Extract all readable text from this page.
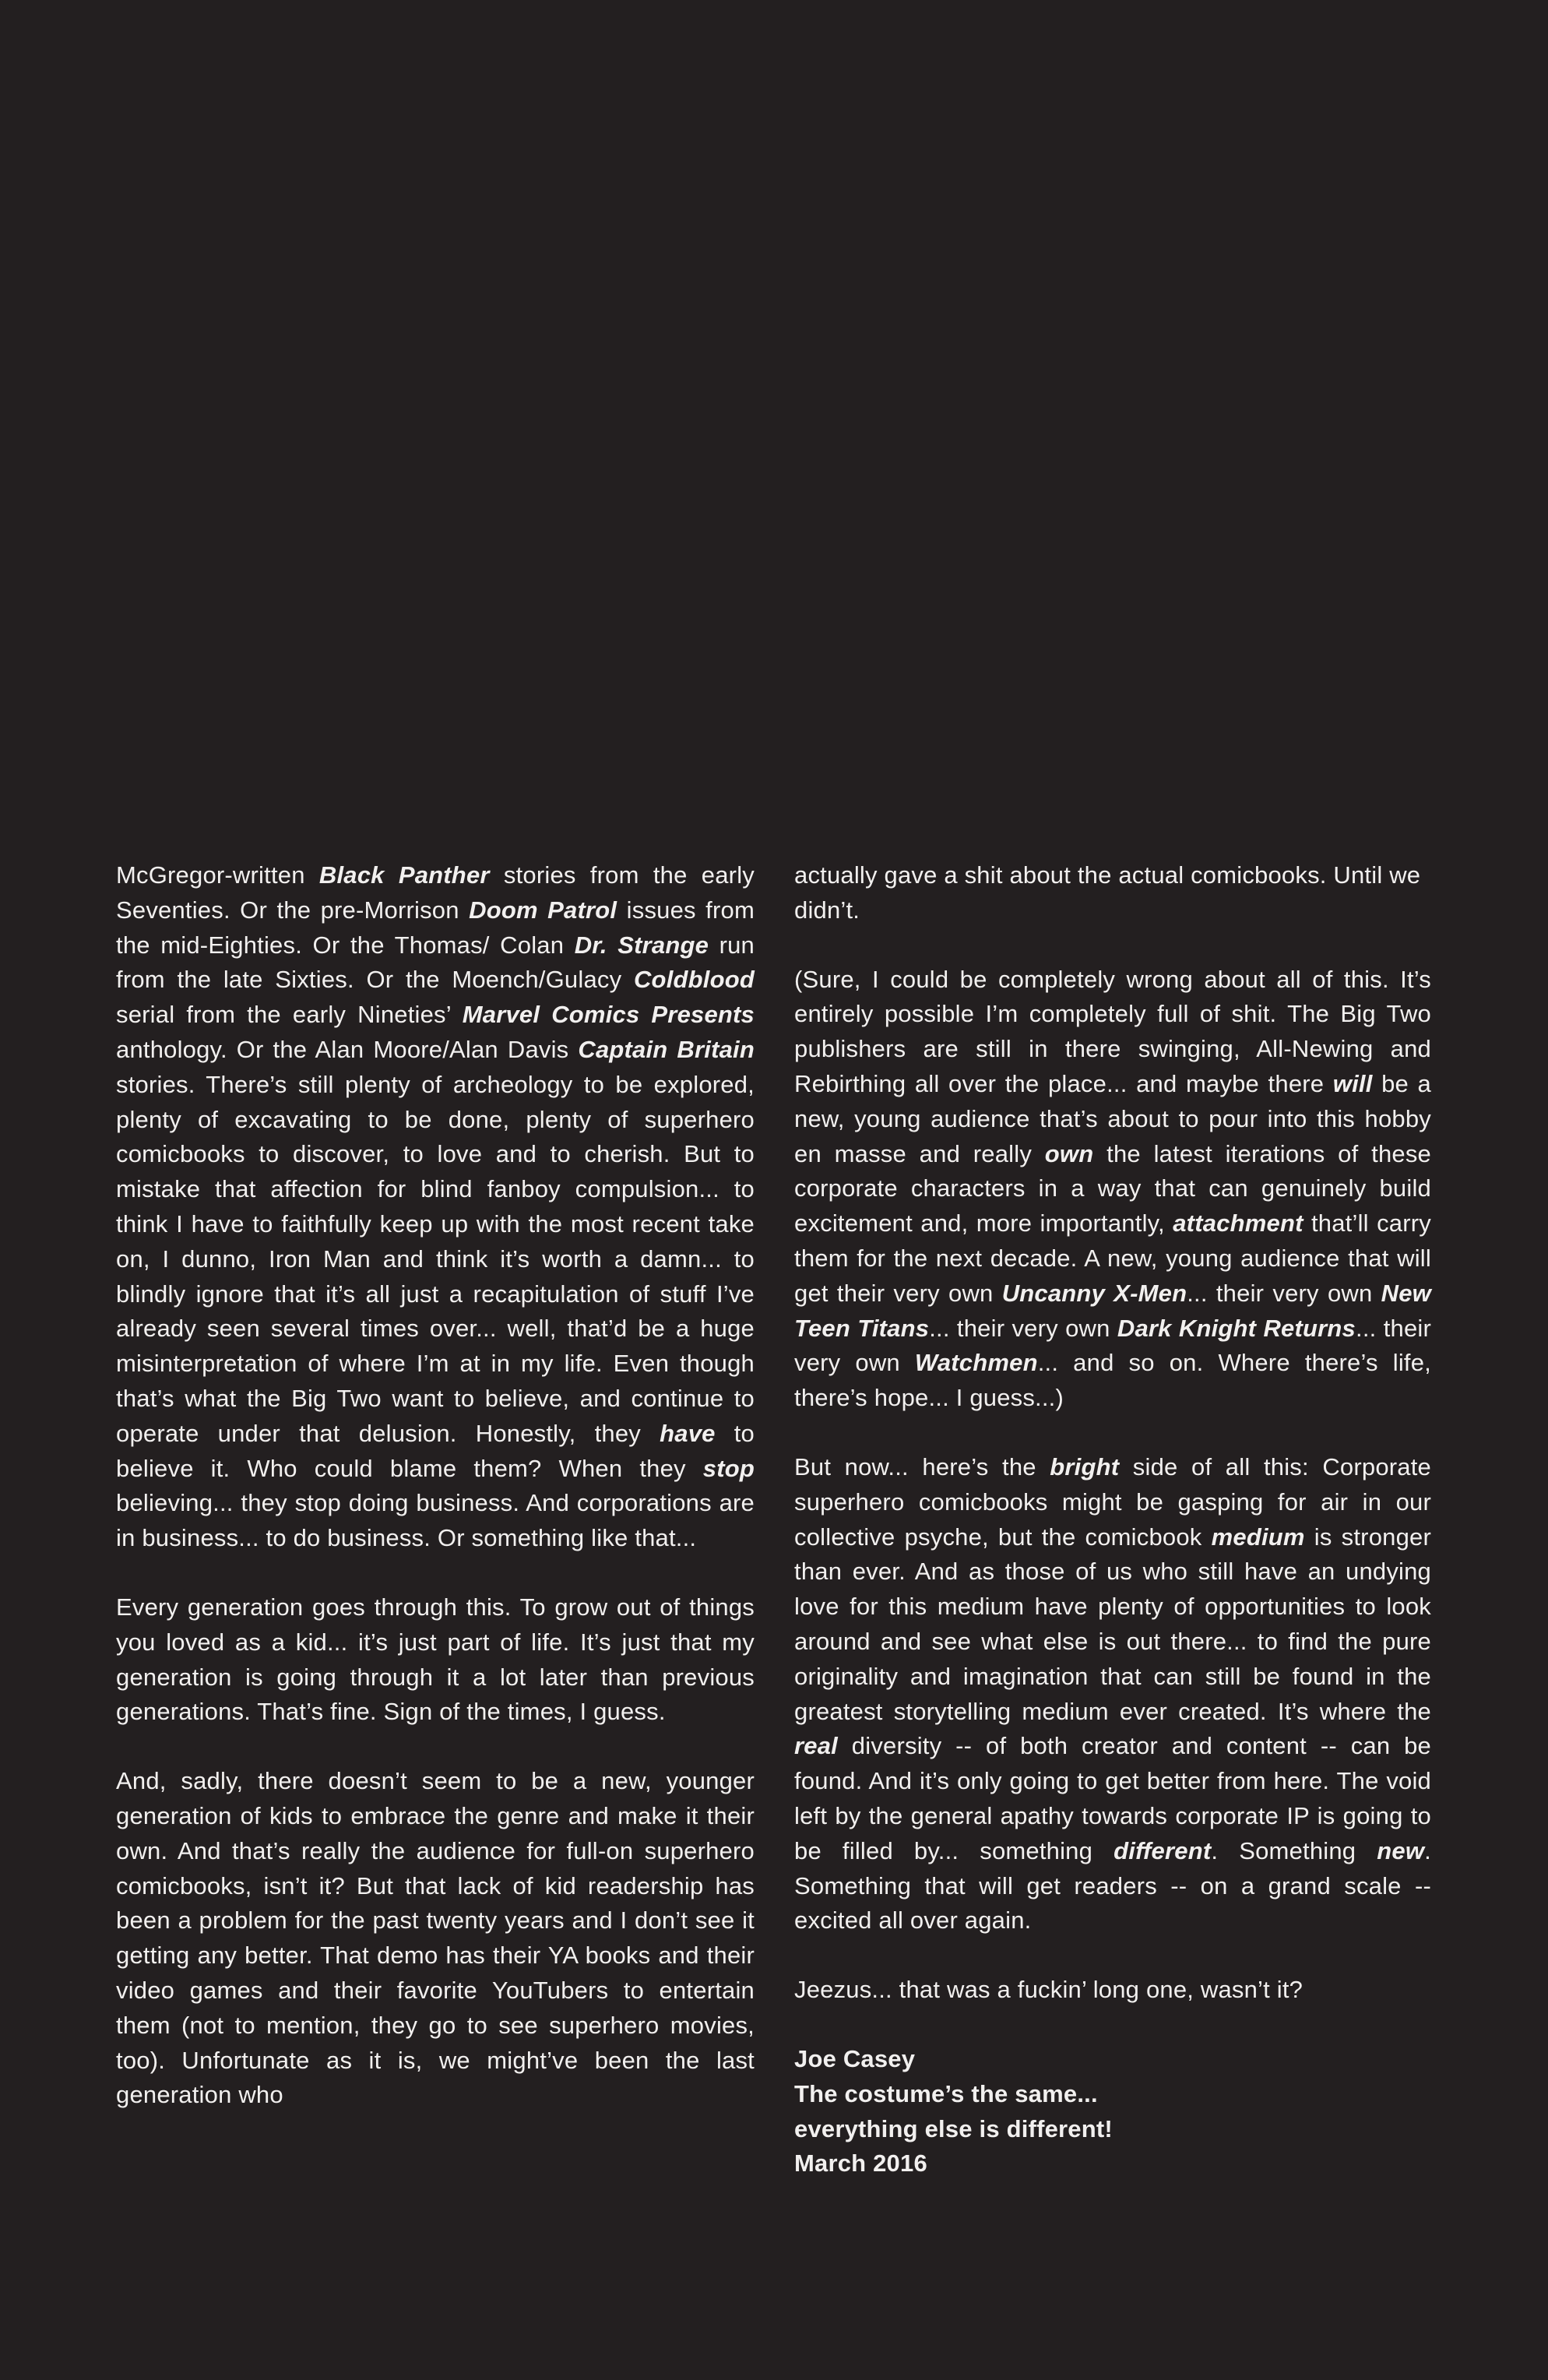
McGregor-written Black Panther stories from the early Seventies. Or the pre-Morrison Doom Patrol issues from the mid-Eighties. Or the Thomas/ Colan Dr. Strange run from the late Sixties. Or the Moench/Gulacy Coldblood serial from the early Nineties’ Marvel Comics Presents anthology. Or the Alan Moore/Alan Davis Captain Britain stories. There’s still plenty of archeology to be explored, plenty of excavating to be done, plenty of superhero comicbooks to discover, to love and to cherish. But to mistake that affection for blind fanboy compulsion... to think I have to faithfully keep up with the most recent take on, I dunno, Iron Man and think it’s worth a damn... to blindly ignore that it’s all just a recapitulation of stuff I’ve already seen several times over... well, that’d be a huge misinterpretation of where I’m at in my life. Even though that’s what the Big Two want to believe, and continue to operate under that delusion. Honestly, they have to believe it. Who could blame them? When they stop believing... they stop doing business. And corporations are in business... to do business. Or something like that...

Every generation goes through this. To grow out of things you loved as a kid... it’s just part of life. It’s just that my generation is going through it a lot later than previous generations. That’s fine. Sign of the times, I guess.

And, sadly, there doesn’t seem to be a new, younger generation of kids to embrace the genre and make it their own. And that’s really the audience for full-on superhero comicbooks, isn’t it? But that lack of kid readership has been a problem for the past twenty years and I don’t see it getting any better. That demo has their YA books and their video games and their favorite YouTubers to entertain them (not to mention, they go to see superhero movies, too). Unfortunate as it is, we might’ve been the last generation who

actually gave a shit about the actual comicbooks. Until we didn’t.

(Sure, I could be completely wrong about all of this. It’s entirely possible I’m completely full of shit. The Big Two publishers are still in there swinging, All-Newing and Rebirthing all over the place... and maybe there will be a new, young audience that’s about to pour into this hobby en masse and really own the latest iterations of these corporate characters in a way that can genuinely build excitement and, more importantly, attachment that’ll carry them for the next decade. A new, young audience that will get their very own Uncanny X-Men... their very own New Teen Titans... their very own Dark Knight Returns... their very own Watchmen... and so on. Where there’s life, there’s hope... I guess...)

But now... here’s the bright side of all this: Corporate superhero comicbooks might be gasping for air in our collective psyche, but the comicbook medium is stronger than ever. And as those of us who still have an undying love for this medium have plenty of opportunities to look around and see what else is out there... to find the pure originality and imagination that can still be found in the greatest storytelling medium ever created. It’s where the real diversity -- of both creator and content -- can be found. And it’s only going to get better from here. The void left by the general apathy towards corporate IP is going to be filled by... something different. Something new. Something that will get readers -- on a grand scale -- excited all over again.

Jeezus... that was a fuckin’ long one, wasn’t it?

Joe Casey
The costume’s the same...
everything else is different!
March 2016
